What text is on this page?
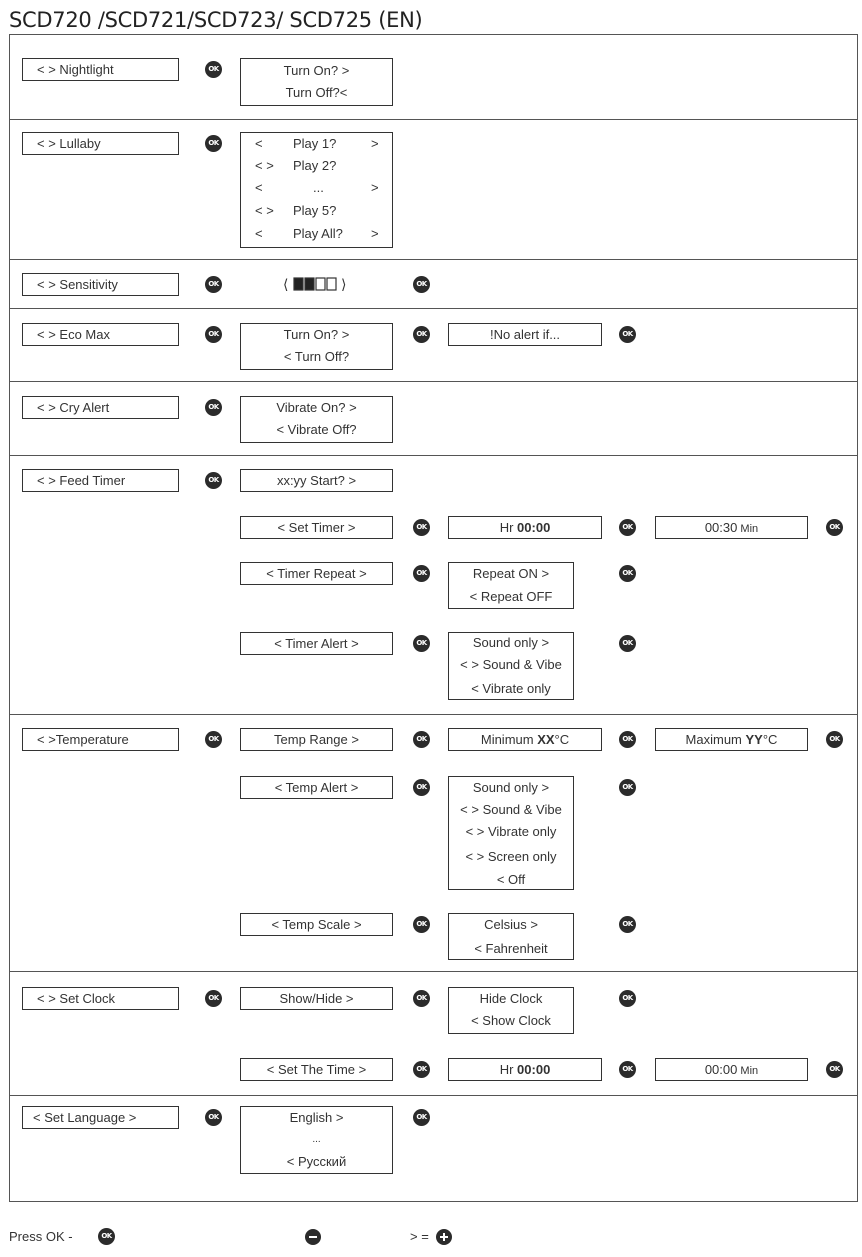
SCD720 /SCD721/SCD723/ SCD725 (EN)
< > Nightlight	OK	Turn On? >
Turn Off?<
< > Lullaby	OK	< Play 1?	>
< > Play 2?
<	...	>
< > Play 5?
< Play All? >
< > Sensitivity	OK	⟨	⟩	OK
< > Eco Max	OK	Turn On? >
< Turn Off?
OK	!No alert if...	OK
< > Cry Alert	OK	Vibrate On? >
< Vibrate Off?
< > Feed Timer	OK	xx:yy Start? >
< Set Timer >	OK	Hr 00:00	OK	00:30 Min	OK
< Timer Repeat >	OK	Repeat ON >
< Repeat OFF
OK
< Timer Alert >	OK	Sound only >
< > Sound & Vibe
< Vibrate only
OK
< >Temperature	OK	Temp Range >	OK	Minimum XX°C	OK	Maximum YY°C	OK
< Temp Alert >	OK	Sound only >
< > Sound & Vibe
< > Vibrate only
< > Screen only
< Off
OK
< Temp Scale >	OK	Celsius >
< Fahrenheit
OK
< > Set Clock	OK	Show/Hide >	OK	Hide Clock
< Show Clock
OK
< Set The Time >	OK	Hr 00:00	OK	00:00 Min	OK
< Set Language >	OK	English >
...
< Русский
OK
Press OK -	OK	> =
